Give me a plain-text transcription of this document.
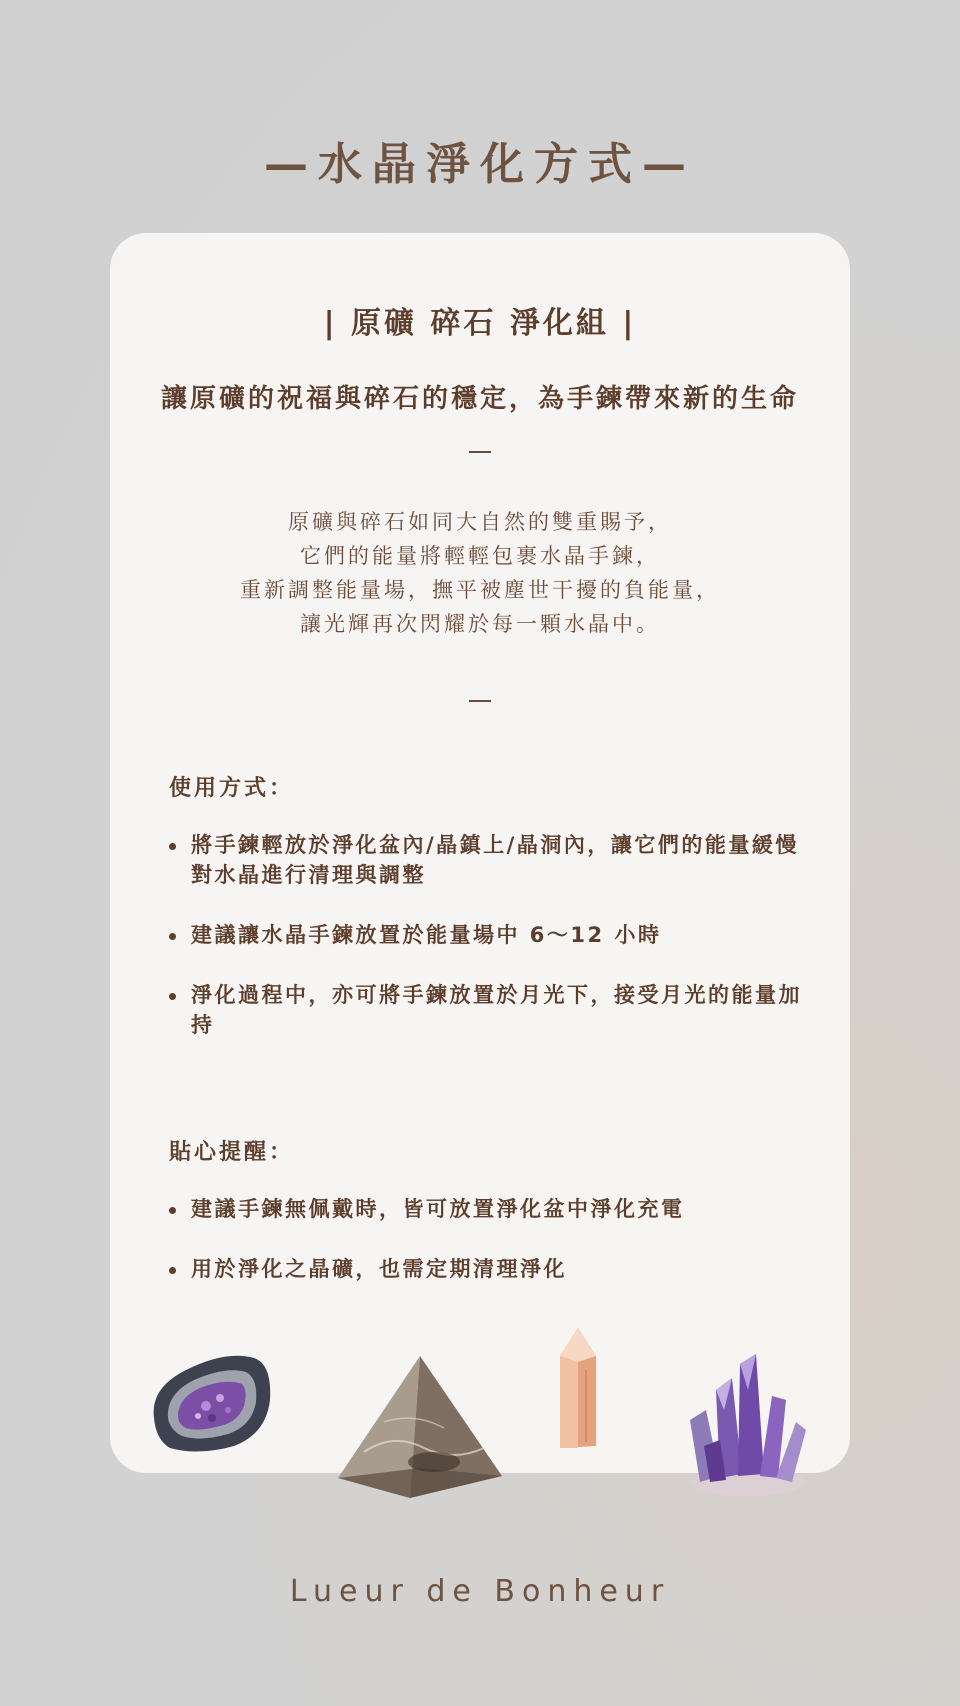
—水晶淨化方式—
| 原礦 碎石 淨化組 |
讓原礦的祝福與碎石的穩定，為手鍊帶來新的生命
原礦與碎石如同大自然的雙重賜予，
它們的能量將輕輕包裹水晶手鍊，
重新調整能量場，撫平被塵世干擾的負能量，
讓光輝再次閃耀於每一顆水晶中。
使用方式：
將手鍊輕放於淨化盆內/晶鎮上/晶洞內，讓它們的能量緩慢對水晶進行清理與調整
建議讓水晶手鍊放置於能量場中 6～12 小時
淨化過程中，亦可將手鍊放置於月光下，接受月光的能量加持
貼心提醒：
建議手鍊無佩戴時，皆可放置淨化盆中淨化充電
用於淨化之晶礦，也需定期清理淨化
Lueur de Bonheur
